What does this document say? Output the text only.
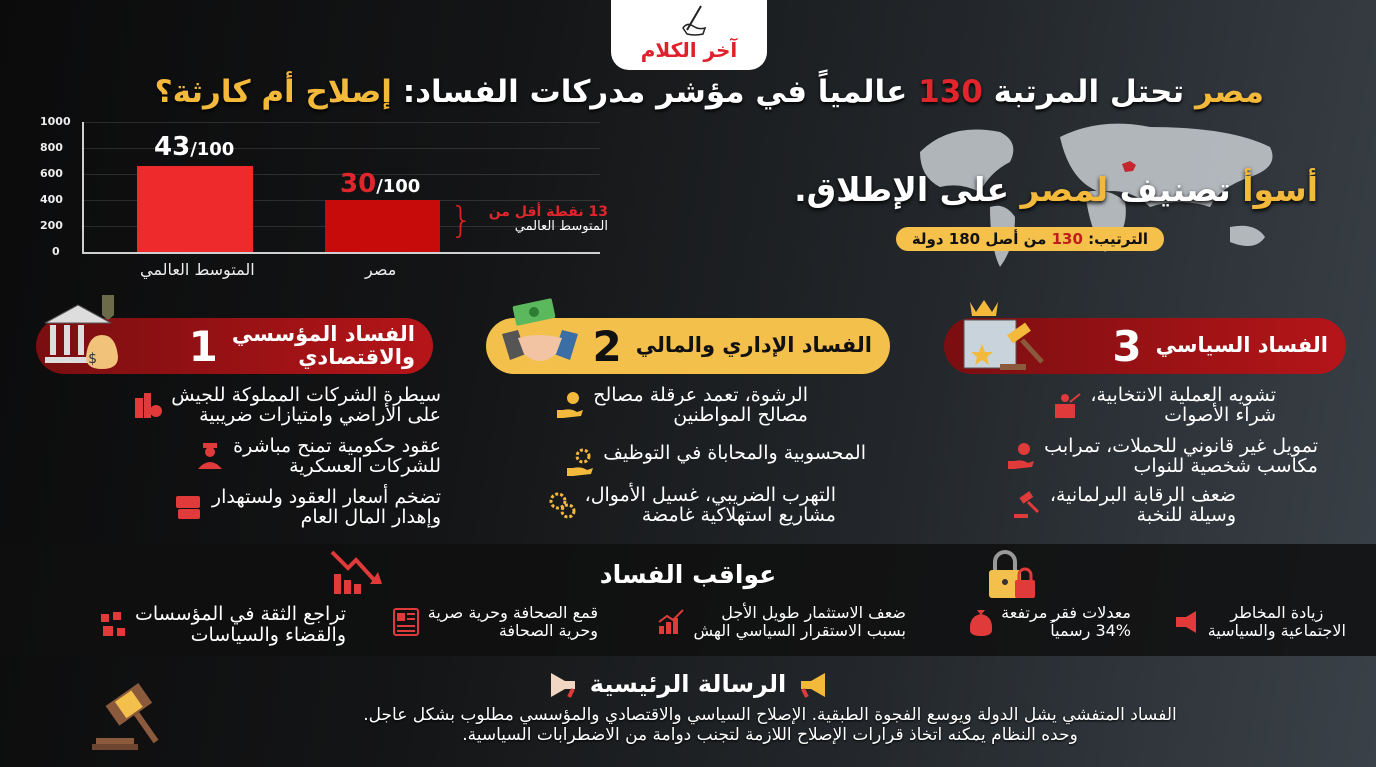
آخر الكلام
مصر تحتل المرتبة 130 عالمياً في مؤشر مدركات الفساد: إصلاح أم كارثة؟
1000
800
600
400
200
0
43/100
30/100
المتوسط العالمي	مصر
} 13 نقطة أقل من
المتوسط العالمي
أسوأ تصنيف لمصر على الإطلاق.
الترتيب: 130 من أصل 180 دولة
الفساد المؤسسي
والاقتصادي
1
$
سيطرة الشركات المملوكة للجيش
على الأراضي وامتيازات ضريبية
عقود حكومية تمنح مباشرة
للشركات العسكرية
تضخم أسعار العقود ولستهدار
وإهدار المال العام
الفساد الإداري والمالي
2
الرشوة، تعمد عرقلة مصالح
مصالح المواطنين
المحسوبية والمحاباة في التوظيف
التهرب الضريبي، غسيل الأموال،
مشاريع استهلاكية غامضة
الفساد السياسي
3
تشويه العملية الانتخابية،
شراء الأصوات
تمويل غير قانوني للحملات، تمرابب
مكاسب شخصية للنواب
ضعف الرقابة البرلمانية،
وسيلة للنخبة
عواقب الفساد
زيادة المخاطر
الاجتماعية والسياسية
معدلات فقر مرتفعة
34% رسمياً
ضعف الاستثمار طويل الأجل
بسبب الاستقرار السياسي الهش
قمع الصحافة وحرية صرية
وحرية الصحافة
تراجع الثقة في المؤسسات
والقضاء والسياسات
الرسالة الرئيسية
الفساد المتفشي يشل الدولة ويوسع الفجوة الطبقية. الإصلاح السياسي والاقتصادي والمؤسسي مطلوب بشكل عاجل.
وحده النظام يمكنه اتخاذ قرارات الإصلاح اللازمة لتجنب دوامة من الاضطرابات السياسية.
